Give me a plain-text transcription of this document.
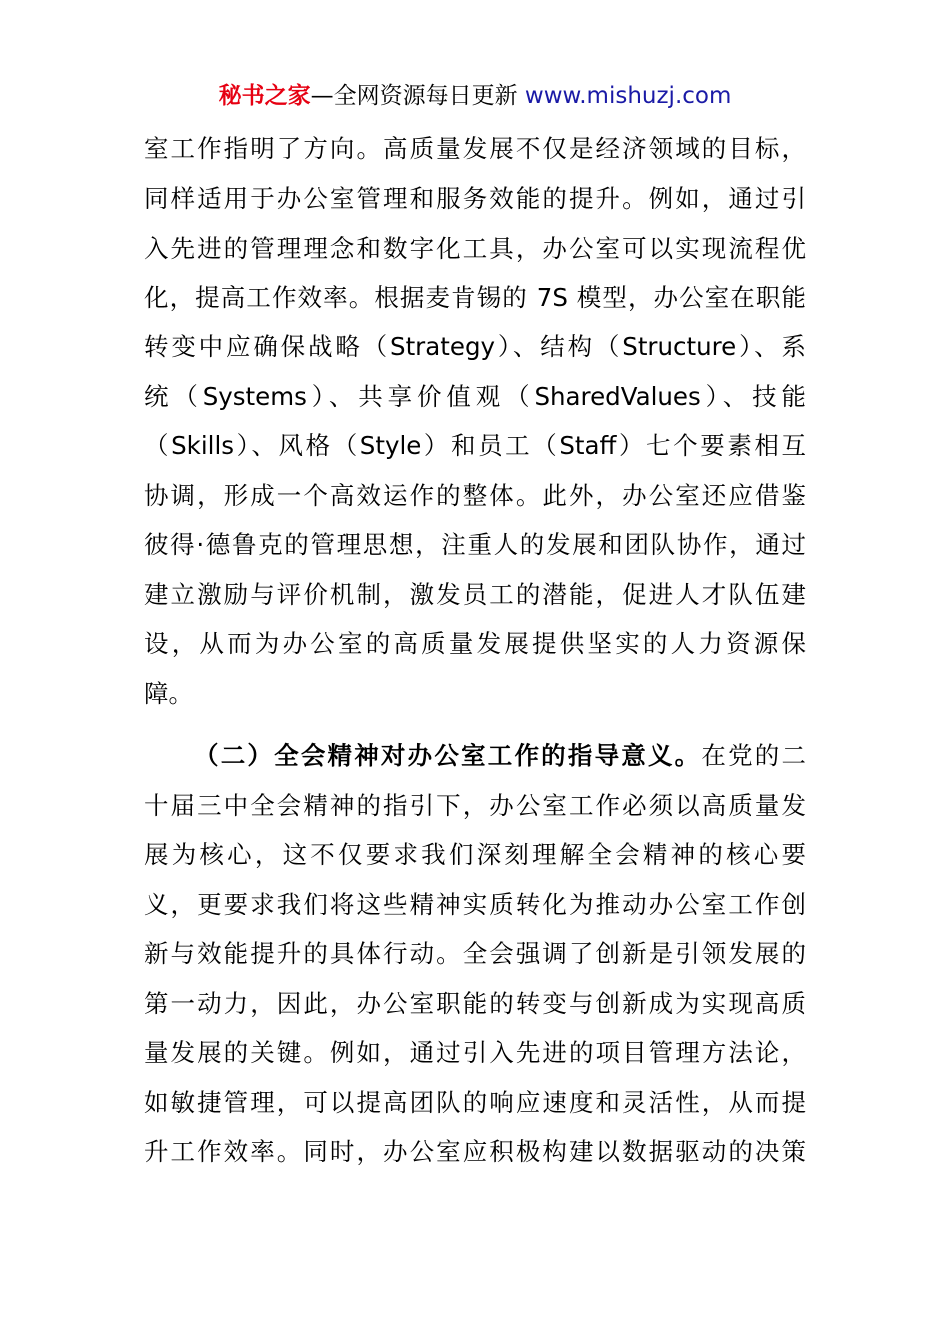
秘书之家—全网资源每日更新 www.mishuzj.com
室工作指明了方向。高质量发展不仅是经济领域的目标，
同样适用于办公室管理和服务效能的提升。例如，通过引
入先进的管理理念和数字化工具，办公室可以实现流程优
化，提高工作效率。根据麦肯锡的 7S 模型，办公室在职能
转变中应确保战略（Strategy）、结构（Structure）、系
统（Systems）、共享价值观（SharedValues）、技能
（Skills）、风格（Style）和员工（Staff）七个要素相互
协调，形成一个高效运作的整体。此外，办公室还应借鉴
彼得·德鲁克的管理思想，注重人的发展和团队协作，通过
建立激励与评价机制，激发员工的潜能，促进人才队伍建
设，从而为办公室的高质量发展提供坚实的人力资源保
障。
（二）全会精神对办公室工作的指导意义。在党的二
十届三中全会精神的指引下，办公室工作必须以高质量发
展为核心，这不仅要求我们深刻理解全会精神的核心要
义，更要求我们将这些精神实质转化为推动办公室工作创
新与效能提升的具体行动。全会强调了创新是引领发展的
第一动力，因此，办公室职能的转变与创新成为实现高质
量发展的关键。例如，通过引入先进的项目管理方法论，
如敏捷管理，可以提高团队的响应速度和灵活性，从而提
升工作效率。同时，办公室应积极构建以数据驱动的决策
